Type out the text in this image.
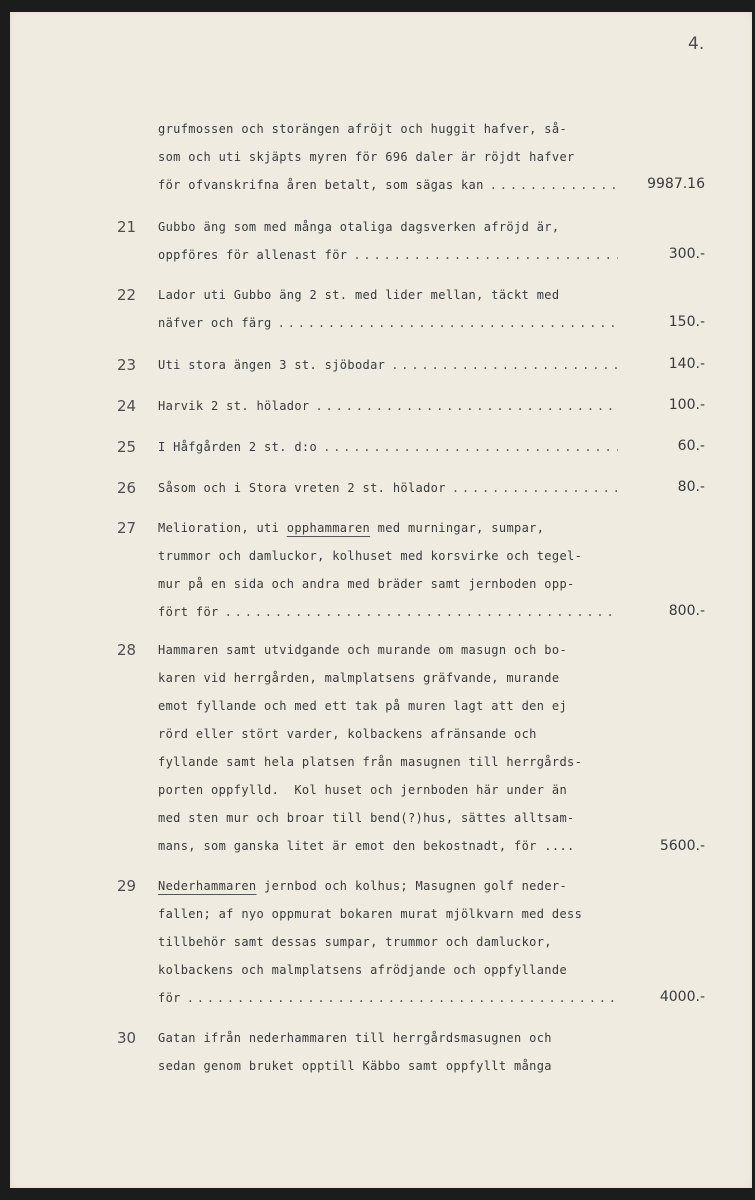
4.
grufmossen och storängen afröjt och huggit hafver, så-
som och uti skjäpts myren för 696 daler är röjdt hafver
för ofvanskrifna åren betalt, som sägas kan . . .	9987.16
21 Gubbo äng som med många otaliga dagsverken afröjd är,
oppföres för allenast för . . .	300.-
22 Lador uti Gubbo äng 2 st. med lider mellan, täckt med
näfver och färg . . .	150.-
23 Uti stora ängen 3 st. sjöbodar . . .	140.-
24 Harvik 2 st. hölador . . .	100.-
25 I Håfgården 2 st. d:o . . .	60.-
26 Såsom och i Stora vreten 2 st. hölador . . .	80.-
27 Melioration, uti opphammaren med murningar, sumpar,
trummor och damluckor, kolhuset med korsvirke och tegel-
mur på en sida och andra med bräder samt jernboden opp-
fört för . . .	800.-
28 Hammaren samt utvidgande och murande om masugn och bo-
karen vid herrgården, malmplatsens gräfvande, murande
emot fyllande och med ett tak på muren lagt att den ej
rörd eller stört varder, kolbackens afränsande och
fyllande samt hela platsen från masugnen till herrgårds-
porten oppfylld.  Kol huset och jernboden här under än
med sten mur och broar till bend(?)hus, sättes alltsam-
mans, som ganska litet är emot den bekostnadt, för ....	5600.-
29 Nederhammaren jernbod och kolhus; Masugnen golf neder-
fallen; af nyo oppmurat bokaren murat mjölkvarn med dess
tillbehör samt dessas sumpar, trummor och damluckor,
kolbackens och malmplatsens afrödjande och oppfyllande
för . . .	4000.-
30 Gatan ifrån nederhammaren till herrgårdsmasugnen och
sedan genom bruket opptill Käbbo samt oppfyllt många
